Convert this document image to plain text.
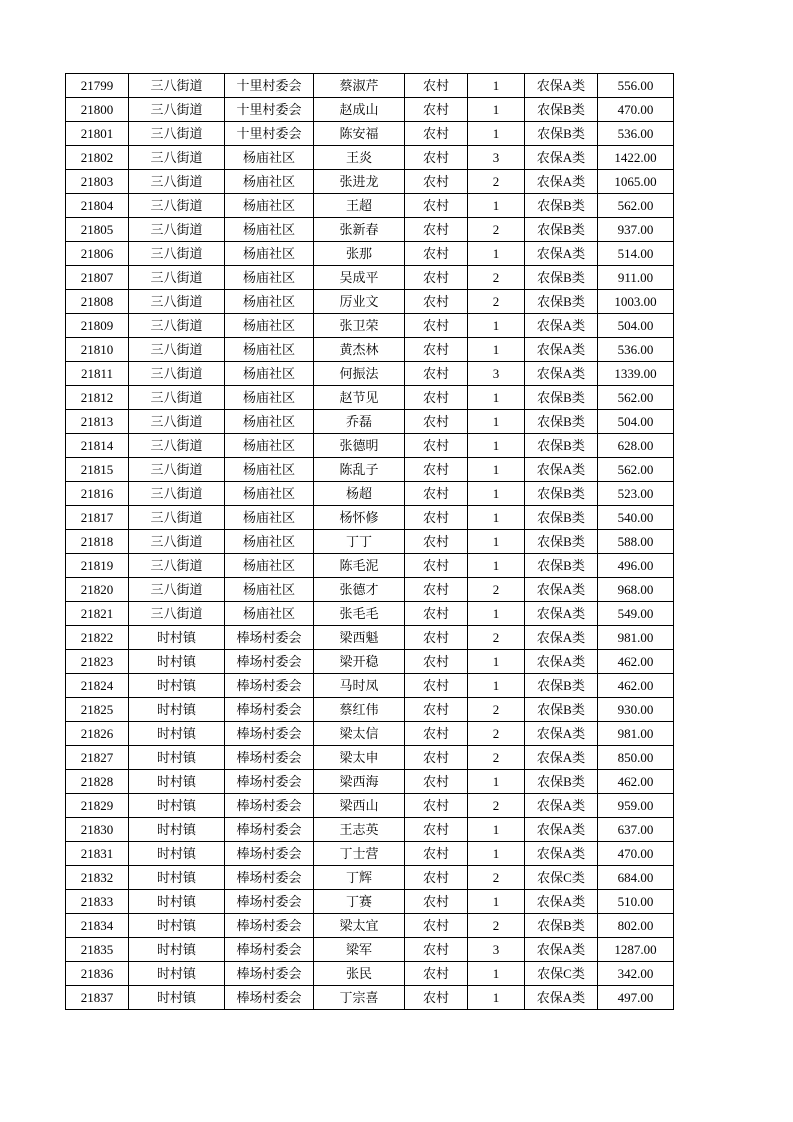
21799	三八街道	十里村委会	蔡淑芹	农村	1	农保A类	556.00
21800	三八街道	十里村委会	赵成山	农村	1	农保B类	470.00
21801	三八街道	十里村委会	陈安福	农村	1	农保B类	536.00
21802	三八街道	杨庙社区	王炎	农村	3	农保A类	1422.00
21803	三八街道	杨庙社区	张进龙	农村	2	农保A类	1065.00
21804	三八街道	杨庙社区	王超	农村	1	农保B类	562.00
21805	三八街道	杨庙社区	张新春	农村	2	农保B类	937.00
21806	三八街道	杨庙社区	张那	农村	1	农保A类	514.00
21807	三八街道	杨庙社区	吴成平	农村	2	农保B类	911.00
21808	三八街道	杨庙社区	厉业文	农村	2	农保B类	1003.00
21809	三八街道	杨庙社区	张卫荣	农村	1	农保A类	504.00
21810	三八街道	杨庙社区	黄杰林	农村	1	农保A类	536.00
21811	三八街道	杨庙社区	何振法	农村	3	农保A类	1339.00
21812	三八街道	杨庙社区	赵节见	农村	1	农保B类	562.00
21813	三八街道	杨庙社区	乔磊	农村	1	农保B类	504.00
21814	三八街道	杨庙社区	张德明	农村	1	农保B类	628.00
21815	三八街道	杨庙社区	陈乱子	农村	1	农保A类	562.00
21816	三八街道	杨庙社区	杨超	农村	1	农保B类	523.00
21817	三八街道	杨庙社区	杨怀修	农村	1	农保B类	540.00
21818	三八街道	杨庙社区	丁丁	农村	1	农保B类	588.00
21819	三八街道	杨庙社区	陈毛泥	农村	1	农保B类	496.00
21820	三八街道	杨庙社区	张德才	农村	2	农保A类	968.00
21821	三八街道	杨庙社区	张毛毛	农村	1	农保A类	549.00
21822	时村镇	棒场村委会	梁西魁	农村	2	农保A类	981.00
21823	时村镇	棒场村委会	梁开稳	农村	1	农保A类	462.00
21824	时村镇	棒场村委会	马时凤	农村	1	农保B类	462.00
21825	时村镇	棒场村委会	蔡红伟	农村	2	农保B类	930.00
21826	时村镇	棒场村委会	梁太信	农村	2	农保A类	981.00
21827	时村镇	棒场村委会	梁太申	农村	2	农保A类	850.00
21828	时村镇	棒场村委会	梁西海	农村	1	农保B类	462.00
21829	时村镇	棒场村委会	梁西山	农村	2	农保A类	959.00
21830	时村镇	棒场村委会	王志英	农村	1	农保A类	637.00
21831	时村镇	棒场村委会	丁士营	农村	1	农保A类	470.00
21832	时村镇	棒场村委会	丁辉	农村	2	农保C类	684.00
21833	时村镇	棒场村委会	丁赛	农村	1	农保A类	510.00
21834	时村镇	棒场村委会	梁太宜	农村	2	农保B类	802.00
21835	时村镇	棒场村委会	梁军	农村	3	农保A类	1287.00
21836	时村镇	棒场村委会	张民	农村	1	农保C类	342.00
21837	时村镇	棒场村委会	丁宗喜	农村	1	农保A类	497.00
